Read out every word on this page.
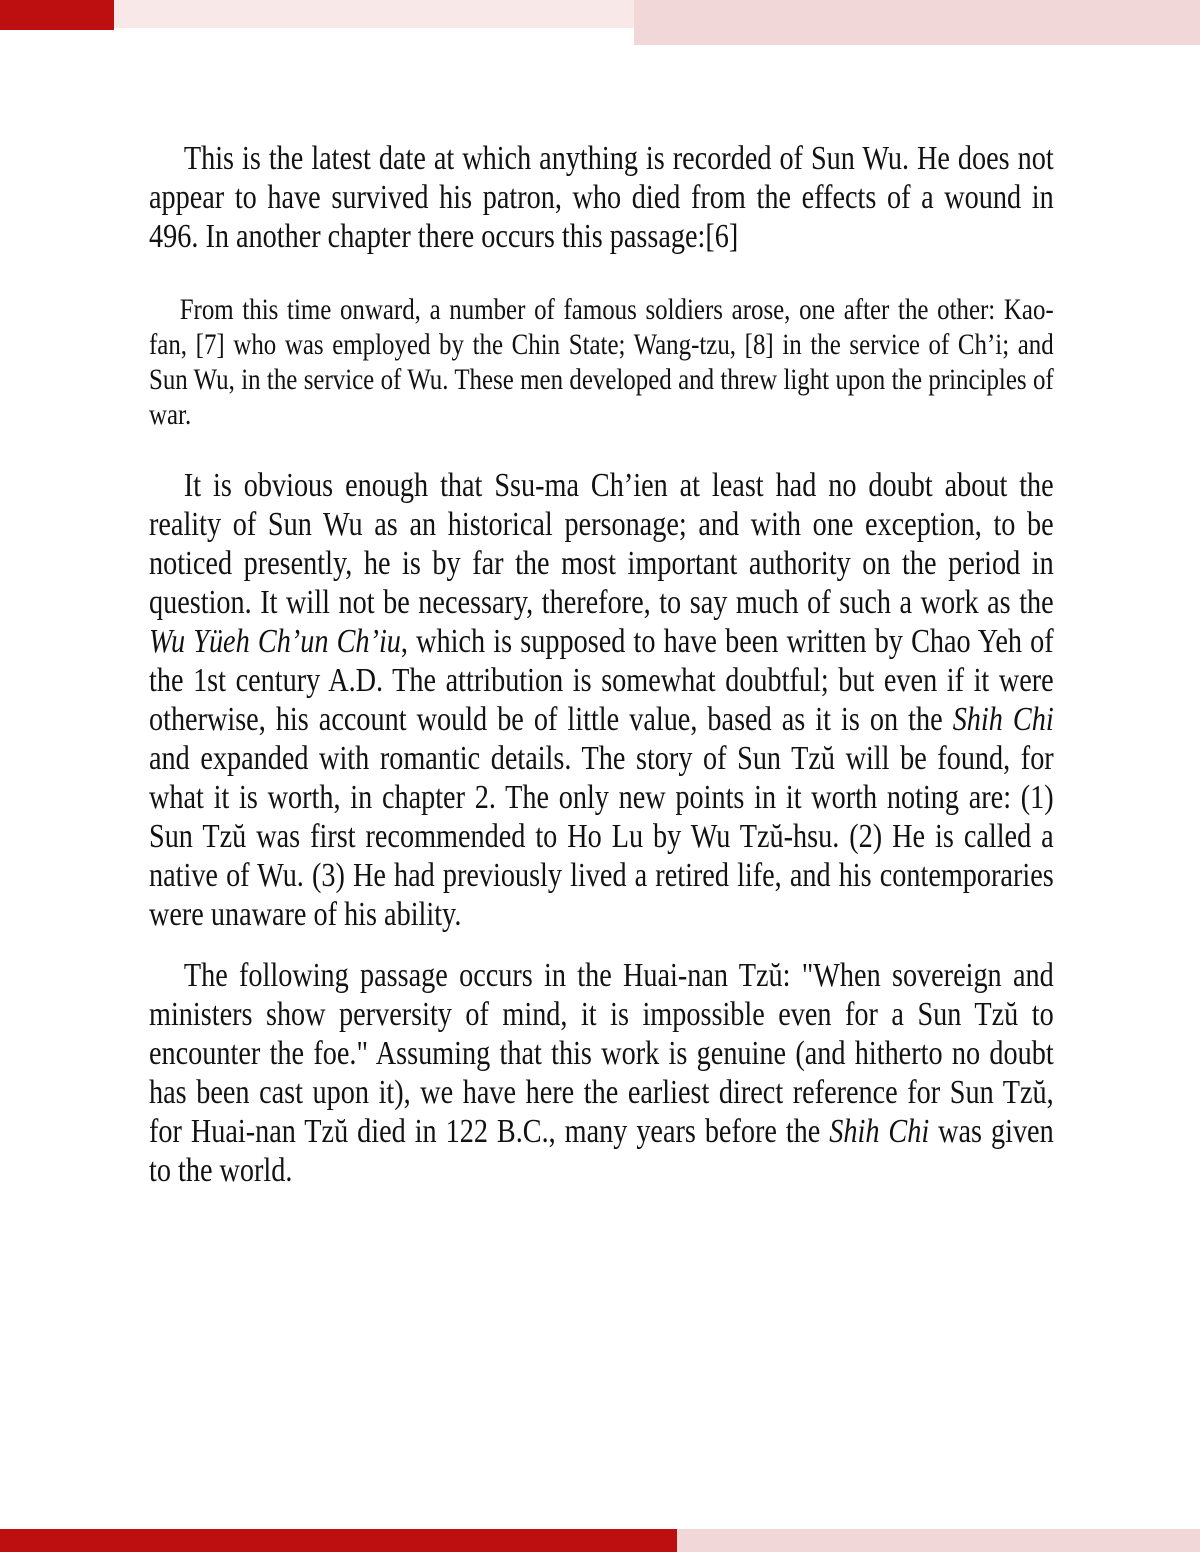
This is the latest date at which anything is recorded of Sun Wu. He does not appear to have survived his patron, who died from the effects of a wound in 496. In another chapter there occurs this passage:[6]

From this time onward, a number of famous soldiers arose, one after the other: Kao-fan, [7] who was employed by the Chin State; Wang-tzu, [8] in the service of Ch’i; and Sun Wu, in the service of Wu. These men developed and threw light upon the principles of war.

It is obvious enough that Ssu-ma Ch’ien at least had no doubt about the reality of Sun Wu as an historical personage; and with one exception, to be noticed presently, he is by far the most important authority on the period in question. It will not be necessary, therefore, to say much of such a work as the Wu Yüeh Ch’un Ch’iu, which is supposed to have been written by Chao Yeh of the 1st century A.D. The attribution is somewhat doubtful; but even if it were otherwise, his account would be of little value, based as it is on the Shih Chi and expanded with romantic details. The story of Sun Tzŭ will be found, for what it is worth, in chapter 2. The only new points in it worth noting are: (1) Sun Tzŭ was first recommended to Ho Lu by Wu Tzŭ-hsu. (2) He is called a native of Wu. (3) He had previously lived a retired life, and his contemporaries were unaware of his ability.

The following passage occurs in the Huai-nan Tzŭ: "When sovereign and ministers show perversity of mind, it is impossible even for a Sun Tzŭ to encounter the foe." Assuming that this work is genuine (and hitherto no doubt has been cast upon it), we have here the earliest direct reference for Sun Tzŭ, for Huai-nan Tzŭ died in 122 B.C., many years before the Shih Chi was given to the world.
